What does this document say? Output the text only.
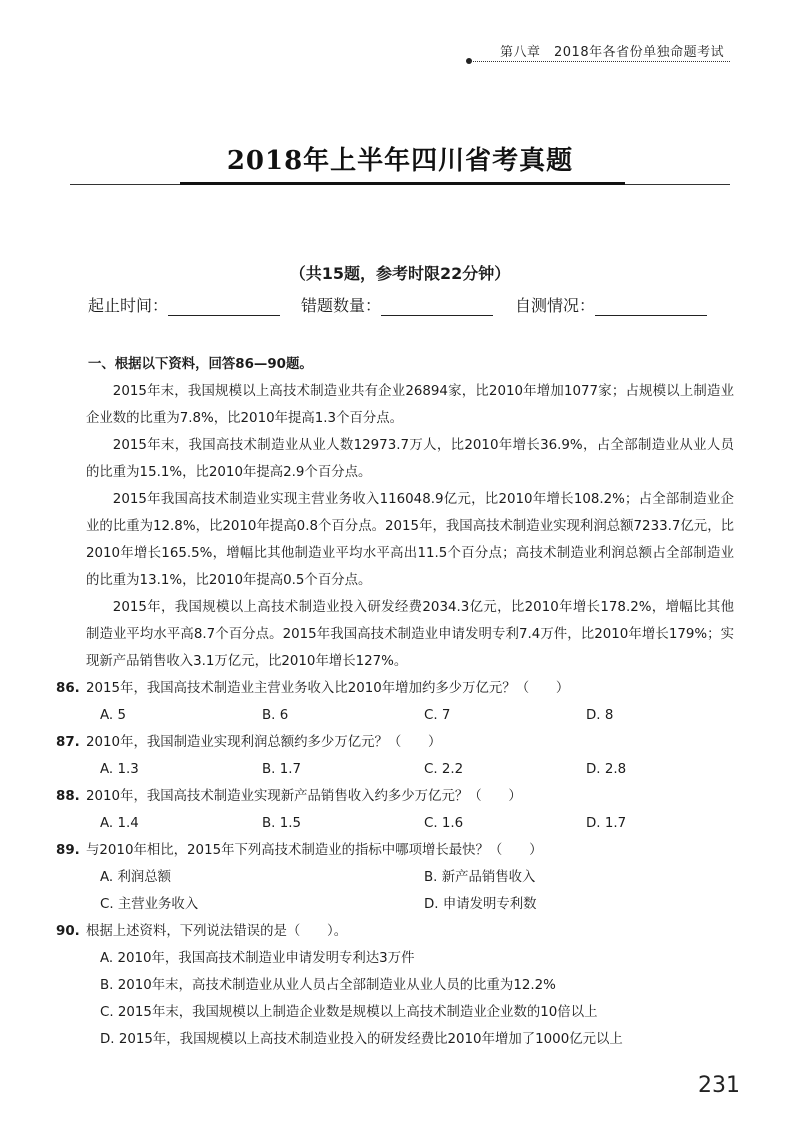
第八章　2018年各省份单独命题考试
2018年上半年四川省考真题
（共15题，参考时限22分钟）
起止时间：	错题数量：	自测情况：
一、根据以下资料，回答86—90题。

2015年末，我国规模以上高技术制造业共有企业26894家，比2010年增加1077家；占规模以上制造业企业数的比重为7.8%，比2010年提高1.3个百分点。

2015年末，我国高技术制造业从业人数12973.7万人，比2010年增长36.9%，占全部制造业从业人员的比重为15.1%，比2010年提高2.9个百分点。

2015年我国高技术制造业实现主营业务收入116048.9亿元，比2010年增长108.2%；占全部制造业企业的比重为12.8%，比2010年提高0.8个百分点。2015年，我国高技术制造业实现利润总额7233.7亿元，比2010年增长165.5%，增幅比其他制造业平均水平高出11.5个百分点；高技术制造业利润总额占全部制造业的比重为13.1%，比2010年提高0.5个百分点。

2015年，我国规模以上高技术制造业投入研发经费2034.3亿元，比2010年增长178.2%，增幅比其他制造业平均水平高8.7个百分点。2015年我国高技术制造业申请发明专利7.4万件，比2010年增长179%；实现新产品销售收入3.1万亿元，比2010年增长127%。

86. 2015年，我国高技术制造业主营业务收入比2010年增加约多少万亿元？（　　）
A. 5	B. 6	C. 7	D. 8
87. 2010年，我国制造业实现利润总额约多少万亿元？（　　）
A. 1.3	B. 1.7	C. 2.2	D. 2.8
88. 2010年，我国高技术制造业实现新产品销售收入约多少万亿元？（　　）
A. 1.4	B. 1.5	C. 1.6	D. 1.7
89. 与2010年相比，2015年下列高技术制造业的指标中哪项增长最快？（　　）
A. 利润总额	B. 新产品销售收入
C. 主营业务收入	D. 申请发明专利数
90. 根据上述资料，下列说法错误的是（　　）。
A. 2010年，我国高技术制造业申请发明专利达3万件
B. 2010年末，高技术制造业从业人员占全部制造业从业人员的比重为12.2%
C. 2015年末，我国规模以上制造企业数是规模以上高技术制造业企业数的10倍以上
D. 2015年，我国规模以上高技术制造业投入的研发经费比2010年增加了1000亿元以上
231
